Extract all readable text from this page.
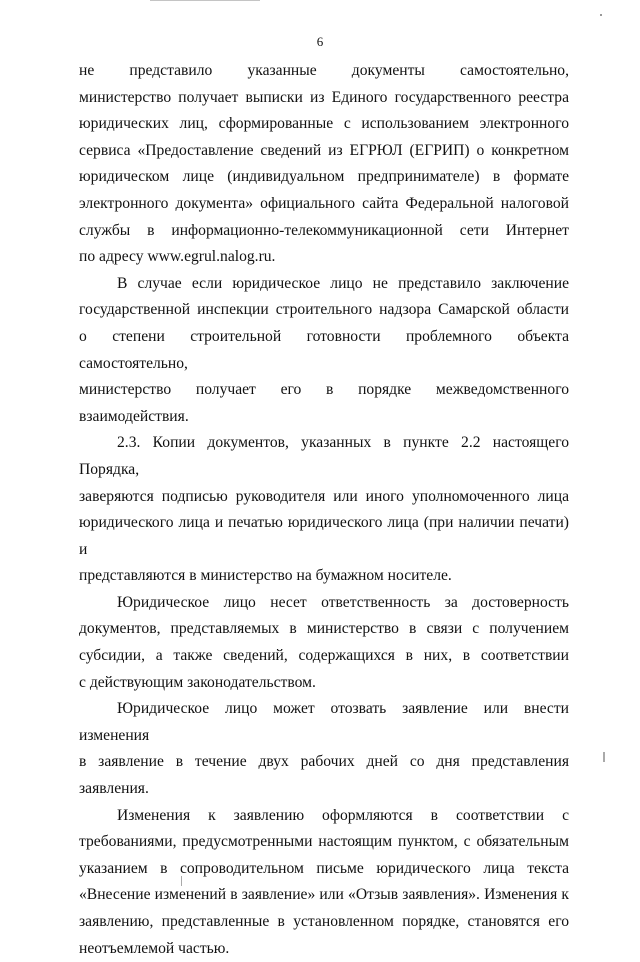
6
не представило указанные документы самостоятельно,
министерство получает выписки из Единого государственного реестра
юридических лиц, сформированные с использованием электронного
сервиса «Предоставление сведений из ЕГРЮЛ (ЕГРИП) о конкретном
юридическом лице (индивидуальном предпринимателе) в формате
электронного документа» официального сайта Федеральной налоговой
службы в информационно-телекоммуникационной сети Интернет
по адресу www.egrul.nalog.ru.
В случае если юридическое лицо не представило заключение
государственной инспекции строительного надзора Самарской области
о степени строительной готовности проблемного объекта самостоятельно,
министерство получает его в порядке межведомственного взаимодействия.
2.3. Копии документов, указанных в пункте 2.2 настоящего Порядка,
заверяются подписью руководителя или иного уполномоченного лица
юридического лица и печатью юридического лица (при наличии печати) и
представляются в министерство на бумажном носителе.
Юридическое лицо несет ответственность за достоверность
документов, представляемых в министерство в связи с получением
субсидии, а также сведений, содержащихся в них, в соответствии
с действующим законодательством.
Юридическое лицо может отозвать заявление или внести изменения
в заявление в течение двух рабочих дней со дня представления заявления.
Изменения к заявлению оформляются в соответствии с
требованиями, предусмотренными настоящим пунктом, с обязательным
указанием в сопроводительном письме юридического лица текста
«Внесение изменений в заявление» или «Отзыв заявления». Изменения к
заявлению, представленные в установленном порядке, становятся его
неотъемлемой частью.
